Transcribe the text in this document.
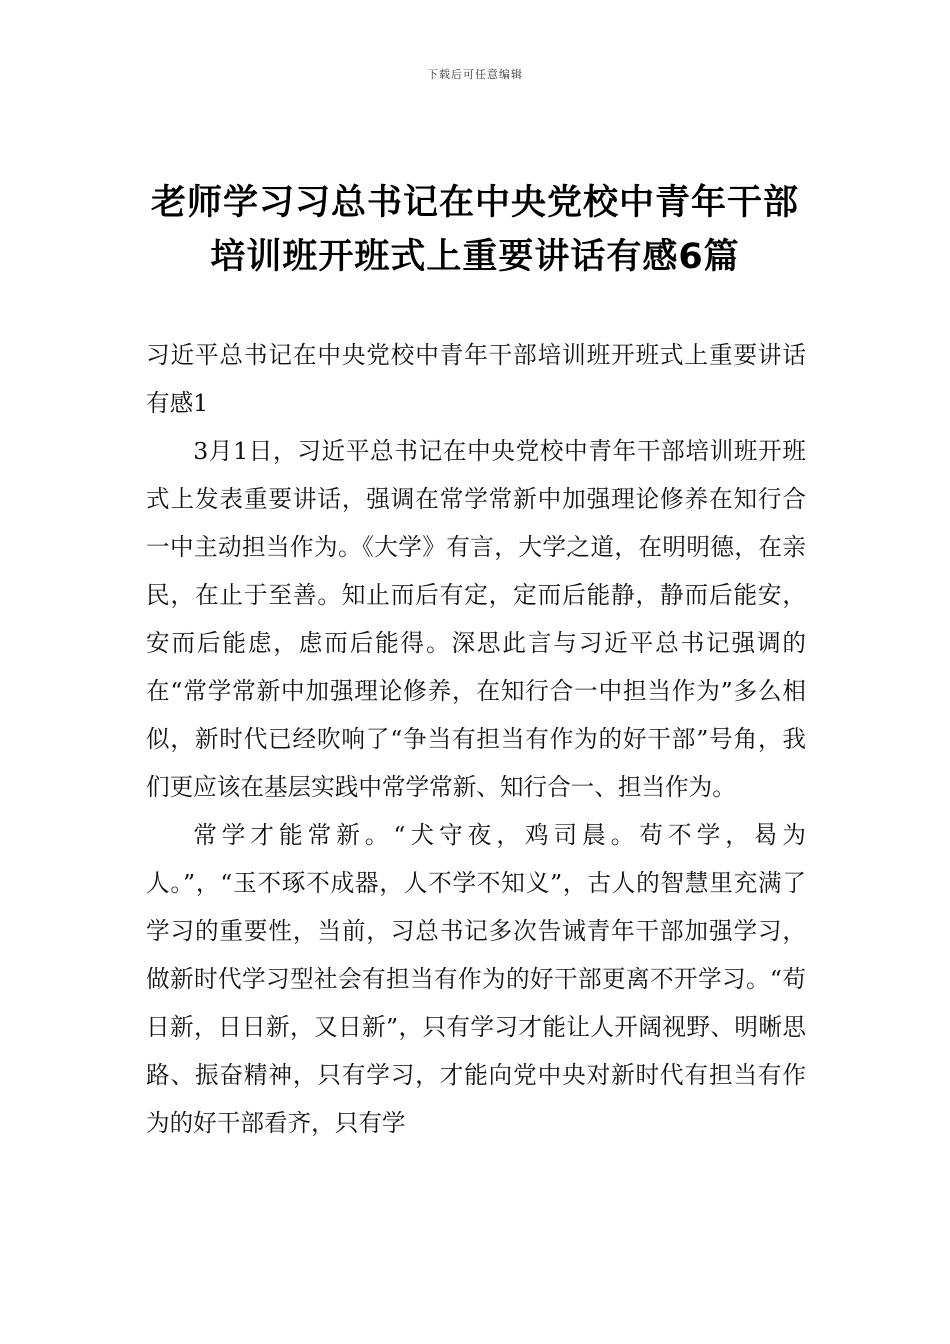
下载后可任意编辑
老师学习习总书记在中央党校中青年干部
培训班开班式上重要讲话有感6篇

习近平总书记在中央党校中青年干部培训班开班式上重要讲话有感1

3月1日，习近平总书记在中央党校中青年干部培训班开班式上发表重要讲话，强调在常学常新中加强理论修养在知行合一中主动担当作为。《大学》有言，大学之道，在明明德，在亲民，在止于至善。知止而后有定，定而后能静，静而后能安，安而后能虑，虑而后能得。深思此言与习近平总书记强调的在“常学常新中加强理论修养，在知行合一中担当作为”多么相似，新时代已经吹响了“争当有担当有作为的好干部”号角，我们更应该在基层实践中常学常新、知行合一、担当作为。

常学才能常新。“犬守夜，鸡司晨。苟不学，曷为人。”，“玉不琢不成器，人不学不知义”，古人的智慧里充满了学习的重要性，当前，习总书记多次告诫青年干部加强学习，做新时代学习型社会有担当有作为的好干部更离不开学习。“苟日新，日日新，又日新”，只有学习才能让人开阔视野、明晰思路、振奋精神，只有学习，才能向党中央对新时代有担当有作为的好干部看齐，只有学
